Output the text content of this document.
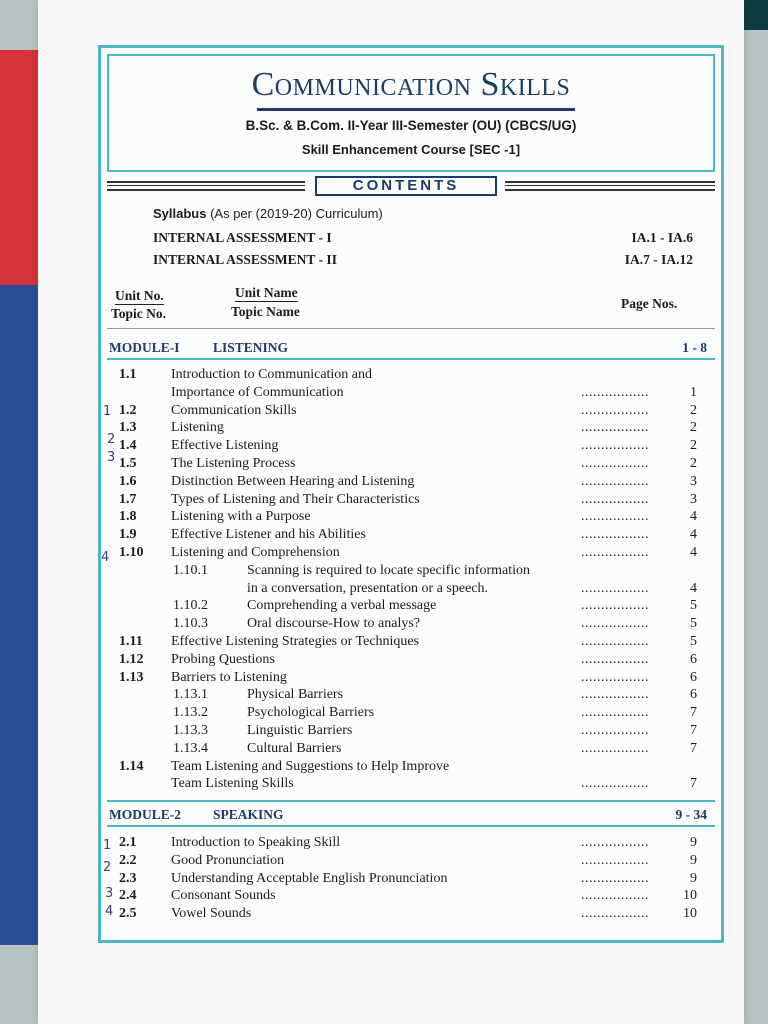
Communication Skills
B.Sc. & B.Com. II-Year III-Semester (OU) (CBCS/UG)
Skill Enhancement Course [SEC -1]
CONTENTS
Syllabus (As per (2019-20) Curriculum)
INTERNAL ASSESSMENT - I	IA.1 - IA.6
INTERNAL ASSESSMENT - II	IA.7 - IA.12
Unit No.
Topic No.
Unit Name
Topic Name
Page Nos.
MODULE-I LISTENING	1 - 8
1.1 Introduction to Communication and
Importance of Communication	.................	1
1.2 Communication Skills	.................	2
1.3 Listening	.................	2
1.4 Effective Listening	.................	2
1.5 The Listening Process	.................	2
1.6 Distinction Between Hearing and Listening	.................	3
1.7 Types of Listening and Their Characteristics	.................	3
1.8 Listening with a Purpose	.................	4
1.9 Effective Listener and his Abilities	.................	4
1.10 Listening and Comprehension	.................	4
1.10.1	Scanning is required to locate specific information
in a conversation, presentation or a speech.	.................	4
1.10.2	Comprehending a verbal message	.................	5
1.10.3	Oral discourse-How to analys?	.................	5
1.11 Effective Listening Strategies or Techniques	.................	5
1.12 Probing Questions	.................	6
1.13 Barriers to Listening	.................	6
1.13.1	Physical Barriers	.................	6
1.13.2	Psychological Barriers	.................	7
1.13.3	Linguistic Barriers	.................	7
1.13.4	Cultural Barriers	.................	7
1.14 Team Listening and Suggestions to Help Improve
Team Listening Skills	.................	7
MODULE-2 SPEAKING	9 - 34
2.1 Introduction to Speaking Skill	.................	9
2.2 Good Pronunciation	.................	9
2.3 Understanding Acceptable English Pronunciation	.................	9
2.4 Consonant Sounds	................. 10
2.5 Vowel Sounds	................. 10
1
2
3
4
1
2
3
4
